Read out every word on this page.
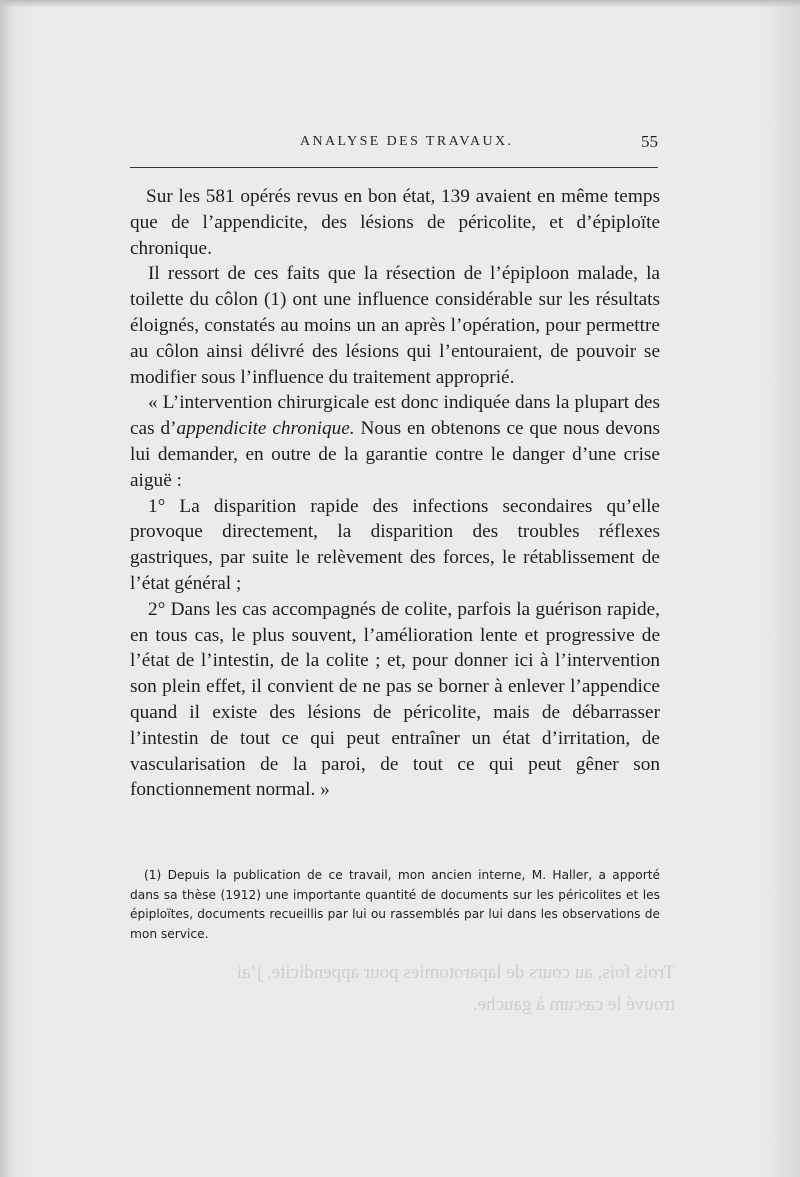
ANALYSE DES TRAVAUX.	55

Sur les 581 opérés revus en bon état, 139 avaient en même temps que de l’appendicite, des lésions de péricolite, et d’épiploïte chronique.

Il ressort de ces faits que la résection de l’épiploon malade, la toilette du côlon (1) ont une influence considérable sur les résultats éloignés, constatés au moins un an après l’opération, pour permettre au côlon ainsi délivré des lésions qui l’entouraient, de pouvoir se modifier sous l’influence du traitement approprié.

« L’intervention chirurgicale est donc indiquée dans la plupart des cas d’appendicite chronique. Nous en obtenons ce que nous devons lui demander, en outre de la garantie contre le danger d’une crise aiguë :

1° La disparition rapide des infections secondaires qu’elle provoque directement, la disparition des troubles réflexes gastriques, par suite le relèvement des forces, le rétablissement de l’état général ;

2° Dans les cas accompagnés de colite, parfois la guérison rapide, en tous cas, le plus souvent, l’amélioration lente et progressive de l’état de l’intestin, de la colite ; et, pour donner ici à l’intervention son plein effet, il convient de ne pas se borner à enlever l’appendice quand il existe des lésions de péricolite, mais de débarrasser l’intestin de tout ce qui peut entraîner un état d’irritation, de vascularisation de la paroi, de tout ce qui peut gêner son fonctionnement normal. »

(1) Depuis la publication de ce travail, mon ancien interne, M. Haller, a apporté dans sa thèse (1912) une importante quantité de documents sur les péricolites et les épiploïtes, documents recueillis par lui ou rassemblés par lui dans les observations de mon service.

Trois fois, au cours de laparotomies pour appendicite, j’ai
trouvé le cæcum à gauche.
